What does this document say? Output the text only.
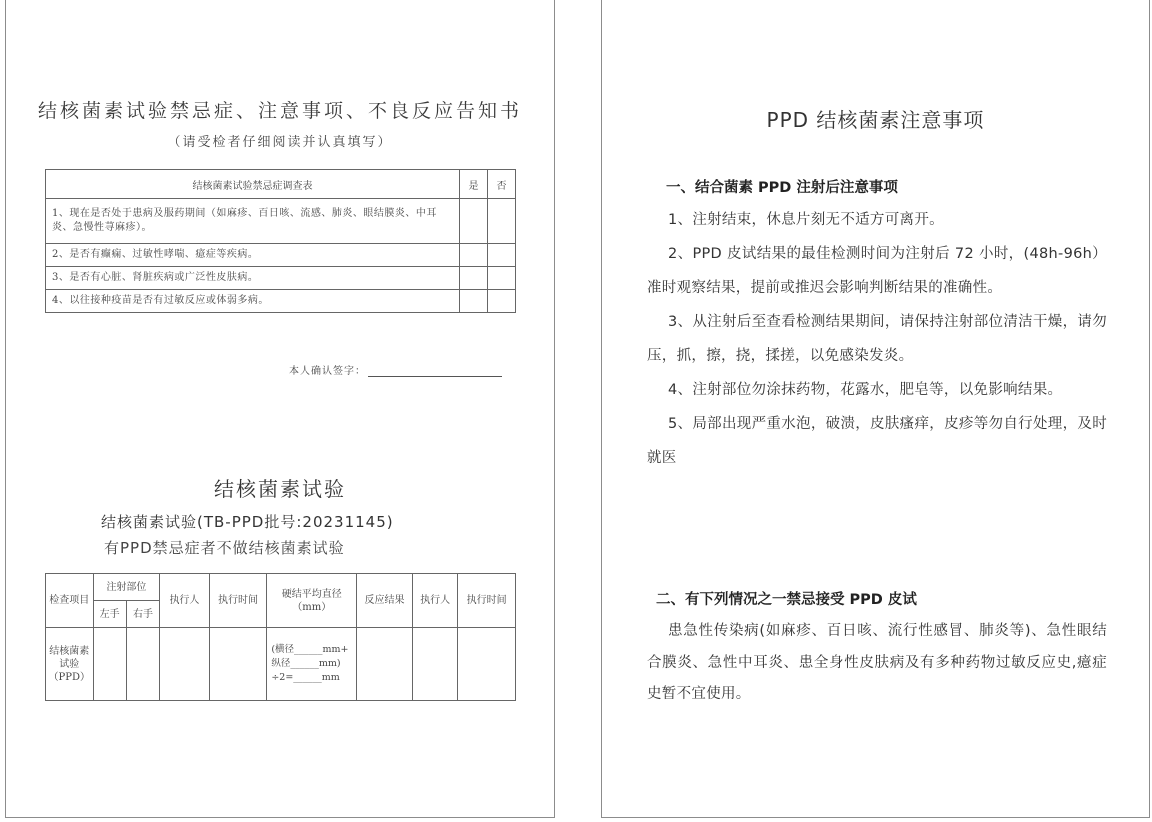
结核菌素试验禁忌症、注意事项、不良反应告知书
（请受检者仔细阅读并认真填写）
结核菌素试验禁忌症调查表	是	否
1、现在是否处于患病及服药期间（如麻疹、百日咳、流感、肺炎、眼结膜炎、中耳炎、急慢性荨麻疹）。		
2、是否有癫痫、过敏性哮喘、癔症等疾病。		
3、是否有心脏、肾脏疾病或广泛性皮肤病。		
4、以往接种疫苗是否有过敏反应或体弱多病。		
本人确认签字：
结核菌素试验
结核菌素试验(TB-PPD批号:20231145)
有PPD禁忌症者不做结核菌素试验
检查项目	注射部位		执行人	执行时间	硬结平均直径（mm）	反应结果	执行人	执行时间
	左手	右手						
结核菌素试验（PPD）					(横径______mm+
纵径______mm)
÷2=______mm			

PPD 结核菌素注意事项
一、结合菌素 PPD 注射后注意事项

1、注射结束，休息片刻无不适方可离开。

2、PPD 皮试结果的最佳检测时间为注射后 72 小时，(48h-96h）准时观察结果，提前或推迟会影响判断结果的准确性。

3、从注射后至查看检测结果期间，请保持注射部位清洁干燥，请勿压，抓，擦，挠，揉搓，以免感染发炎。

4、注射部位勿涂抹药物，花露水，肥皂等，以免影响结果。

5、局部出现严重水泡，破溃，皮肤瘙痒，皮疹等勿自行处理，及时就医

二、有下列情况之一禁忌接受 PPD 皮试

患急性传染病(如麻疹、百日咳、流行性感冒、肺炎等)、急性眼结合膜炎、急性中耳炎、患全身性皮肤病及有多种药物过敏反应史,癔症史暂不宜使用。
